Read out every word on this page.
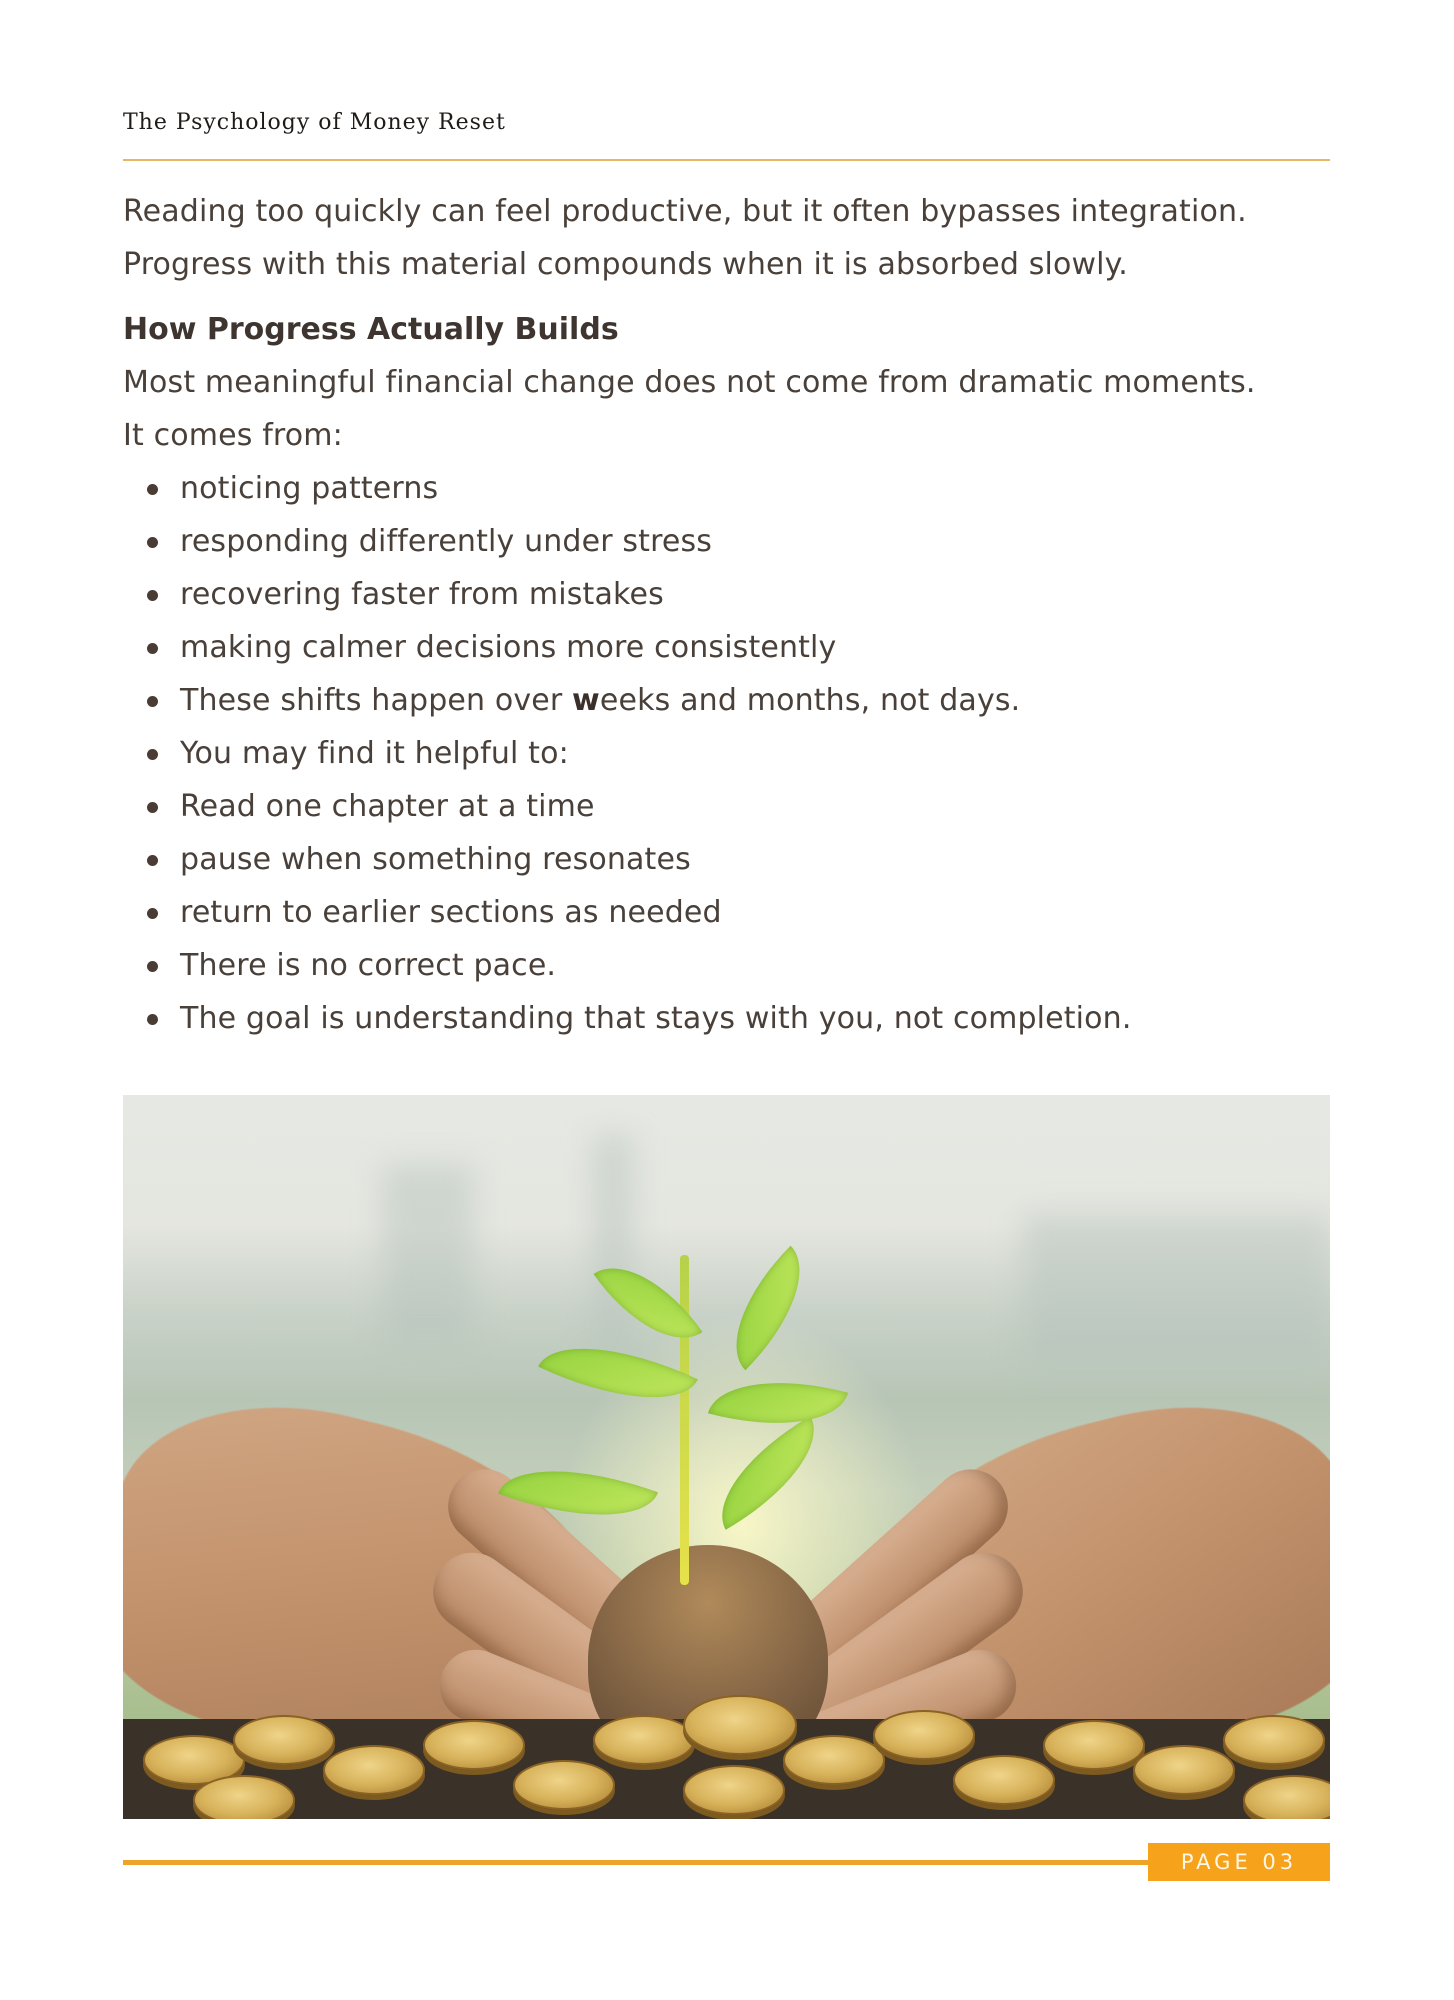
The Psychology of Money Reset

Reading too quickly can feel productive, but it often bypasses integration.

Progress with this material compounds when it is absorbed slowly.

How Progress Actually Builds

Most meaningful financial change does not come from dramatic moments.

It comes from:

noticing patterns
responding differently under stress
recovering faster from mistakes
making calmer decisions more consistently
These shifts happen over weeks and months, not days.
You may find it helpful to:
Read one chapter at a time
pause when something resonates
return to earlier sections as needed
There is no correct pace.
The goal is understanding that stays with you, not completion.
PAGE 03
